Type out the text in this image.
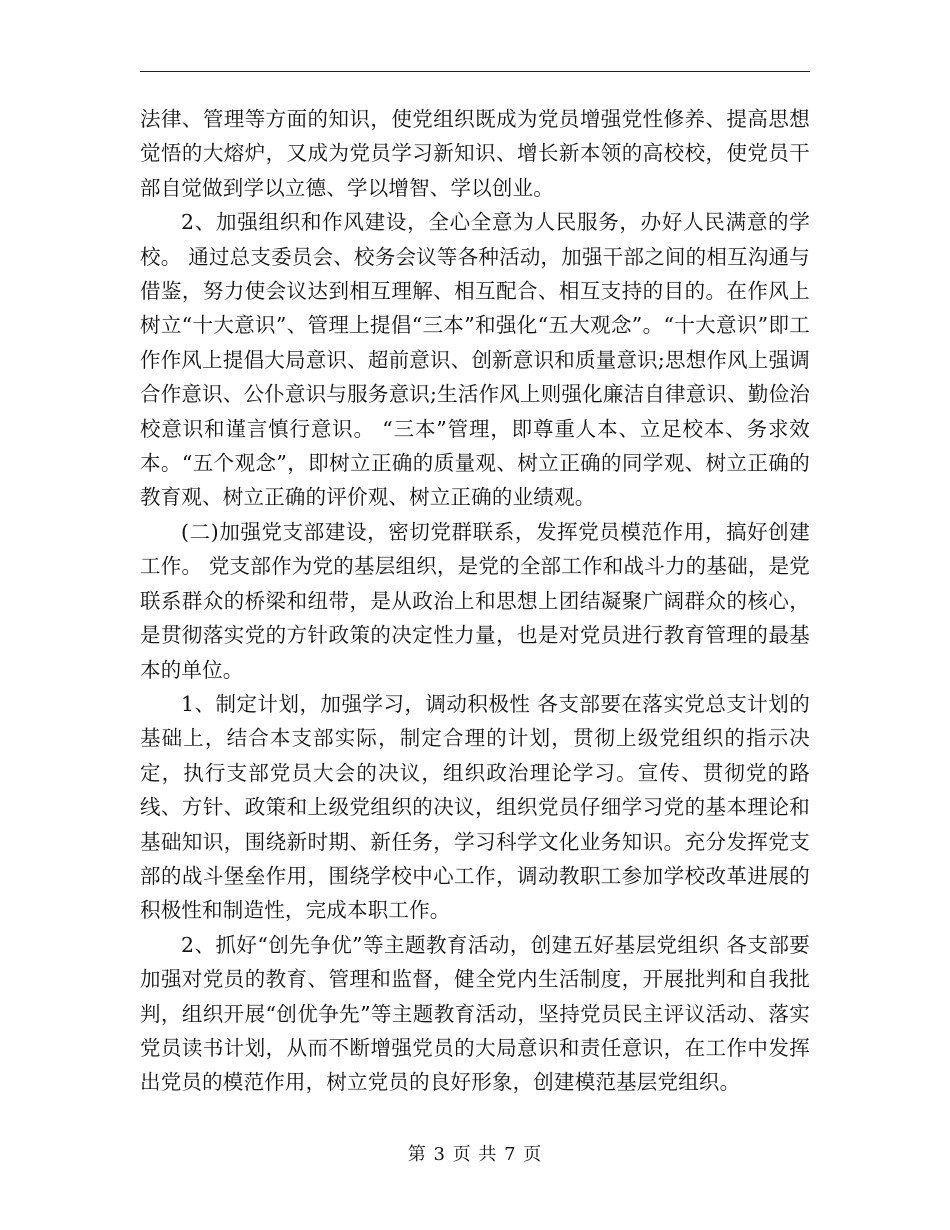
法律、管理等方面的知识，使党组织既成为党员增强党性修养、提高思想觉悟的大熔炉，又成为党员学习新知识、增长新本领的高校校，使党员干部自觉做到学以立德、学以增智、学以创业。

2、加强组织和作风建设，全心全意为人民服务，办好人民满意的学校。 通过总支委员会、校务会议等各种活动，加强干部之间的相互沟通与借鉴，努力使会议达到相互理解、相互配合、相互支持的目的。在作风上树立“十大意识”、管理上提倡“三本”和强化“五大观念”。“十大意识”即工作作风上提倡大局意识、超前意识、创新意识和质量意识;思想作风上强调合作意识、公仆意识与服务意识;生活作风上则强化廉洁自律意识、勤俭治校意识和谨言慎行意识。 “三本”管理，即尊重人本、立足校本、务求效本。“五个观念”，即树立正确的质量观、树立正确的同学观、树立正确的教育观、树立正确的评价观、树立正确的业绩观。

(二)加强党支部建设，密切党群联系，发挥党员模范作用，搞好创建工作。 党支部作为党的基层组织，是党的全部工作和战斗力的基础，是党联系群众的桥梁和纽带，是从政治上和思想上团结凝聚广阔群众的核心，是贯彻落实党的方针政策的决定性力量，也是对党员进行教育管理的最基本的单位。

1、制定计划，加强学习，调动积极性 各支部要在落实党总支计划的基础上，结合本支部实际，制定合理的计划，贯彻上级党组织的指示决定，执行支部党员大会的决议，组织政治理论学习。宣传、贯彻党的路线、方针、政策和上级党组织的决议，组织党员仔细学习党的基本理论和基础知识，围绕新时期、新任务，学习科学文化业务知识。充分发挥党支部的战斗堡垒作用，围绕学校中心工作，调动教职工参加学校改革进展的积极性和制造性，完成本职工作。

2、抓好“创先争优”等主题教育活动，创建五好基层党组织 各支部要加强对党员的教育、管理和监督，健全党内生活制度，开展批判和自我批判，组织开展“创优争先”等主题教育活动，坚持党员民主评议活动、落实党员读书计划，从而不断增强党员的大局意识和责任意识，在工作中发挥出党员的模范作用，树立党员的良好形象，创建模范基层党组织。

第 3 页 共 7 页
